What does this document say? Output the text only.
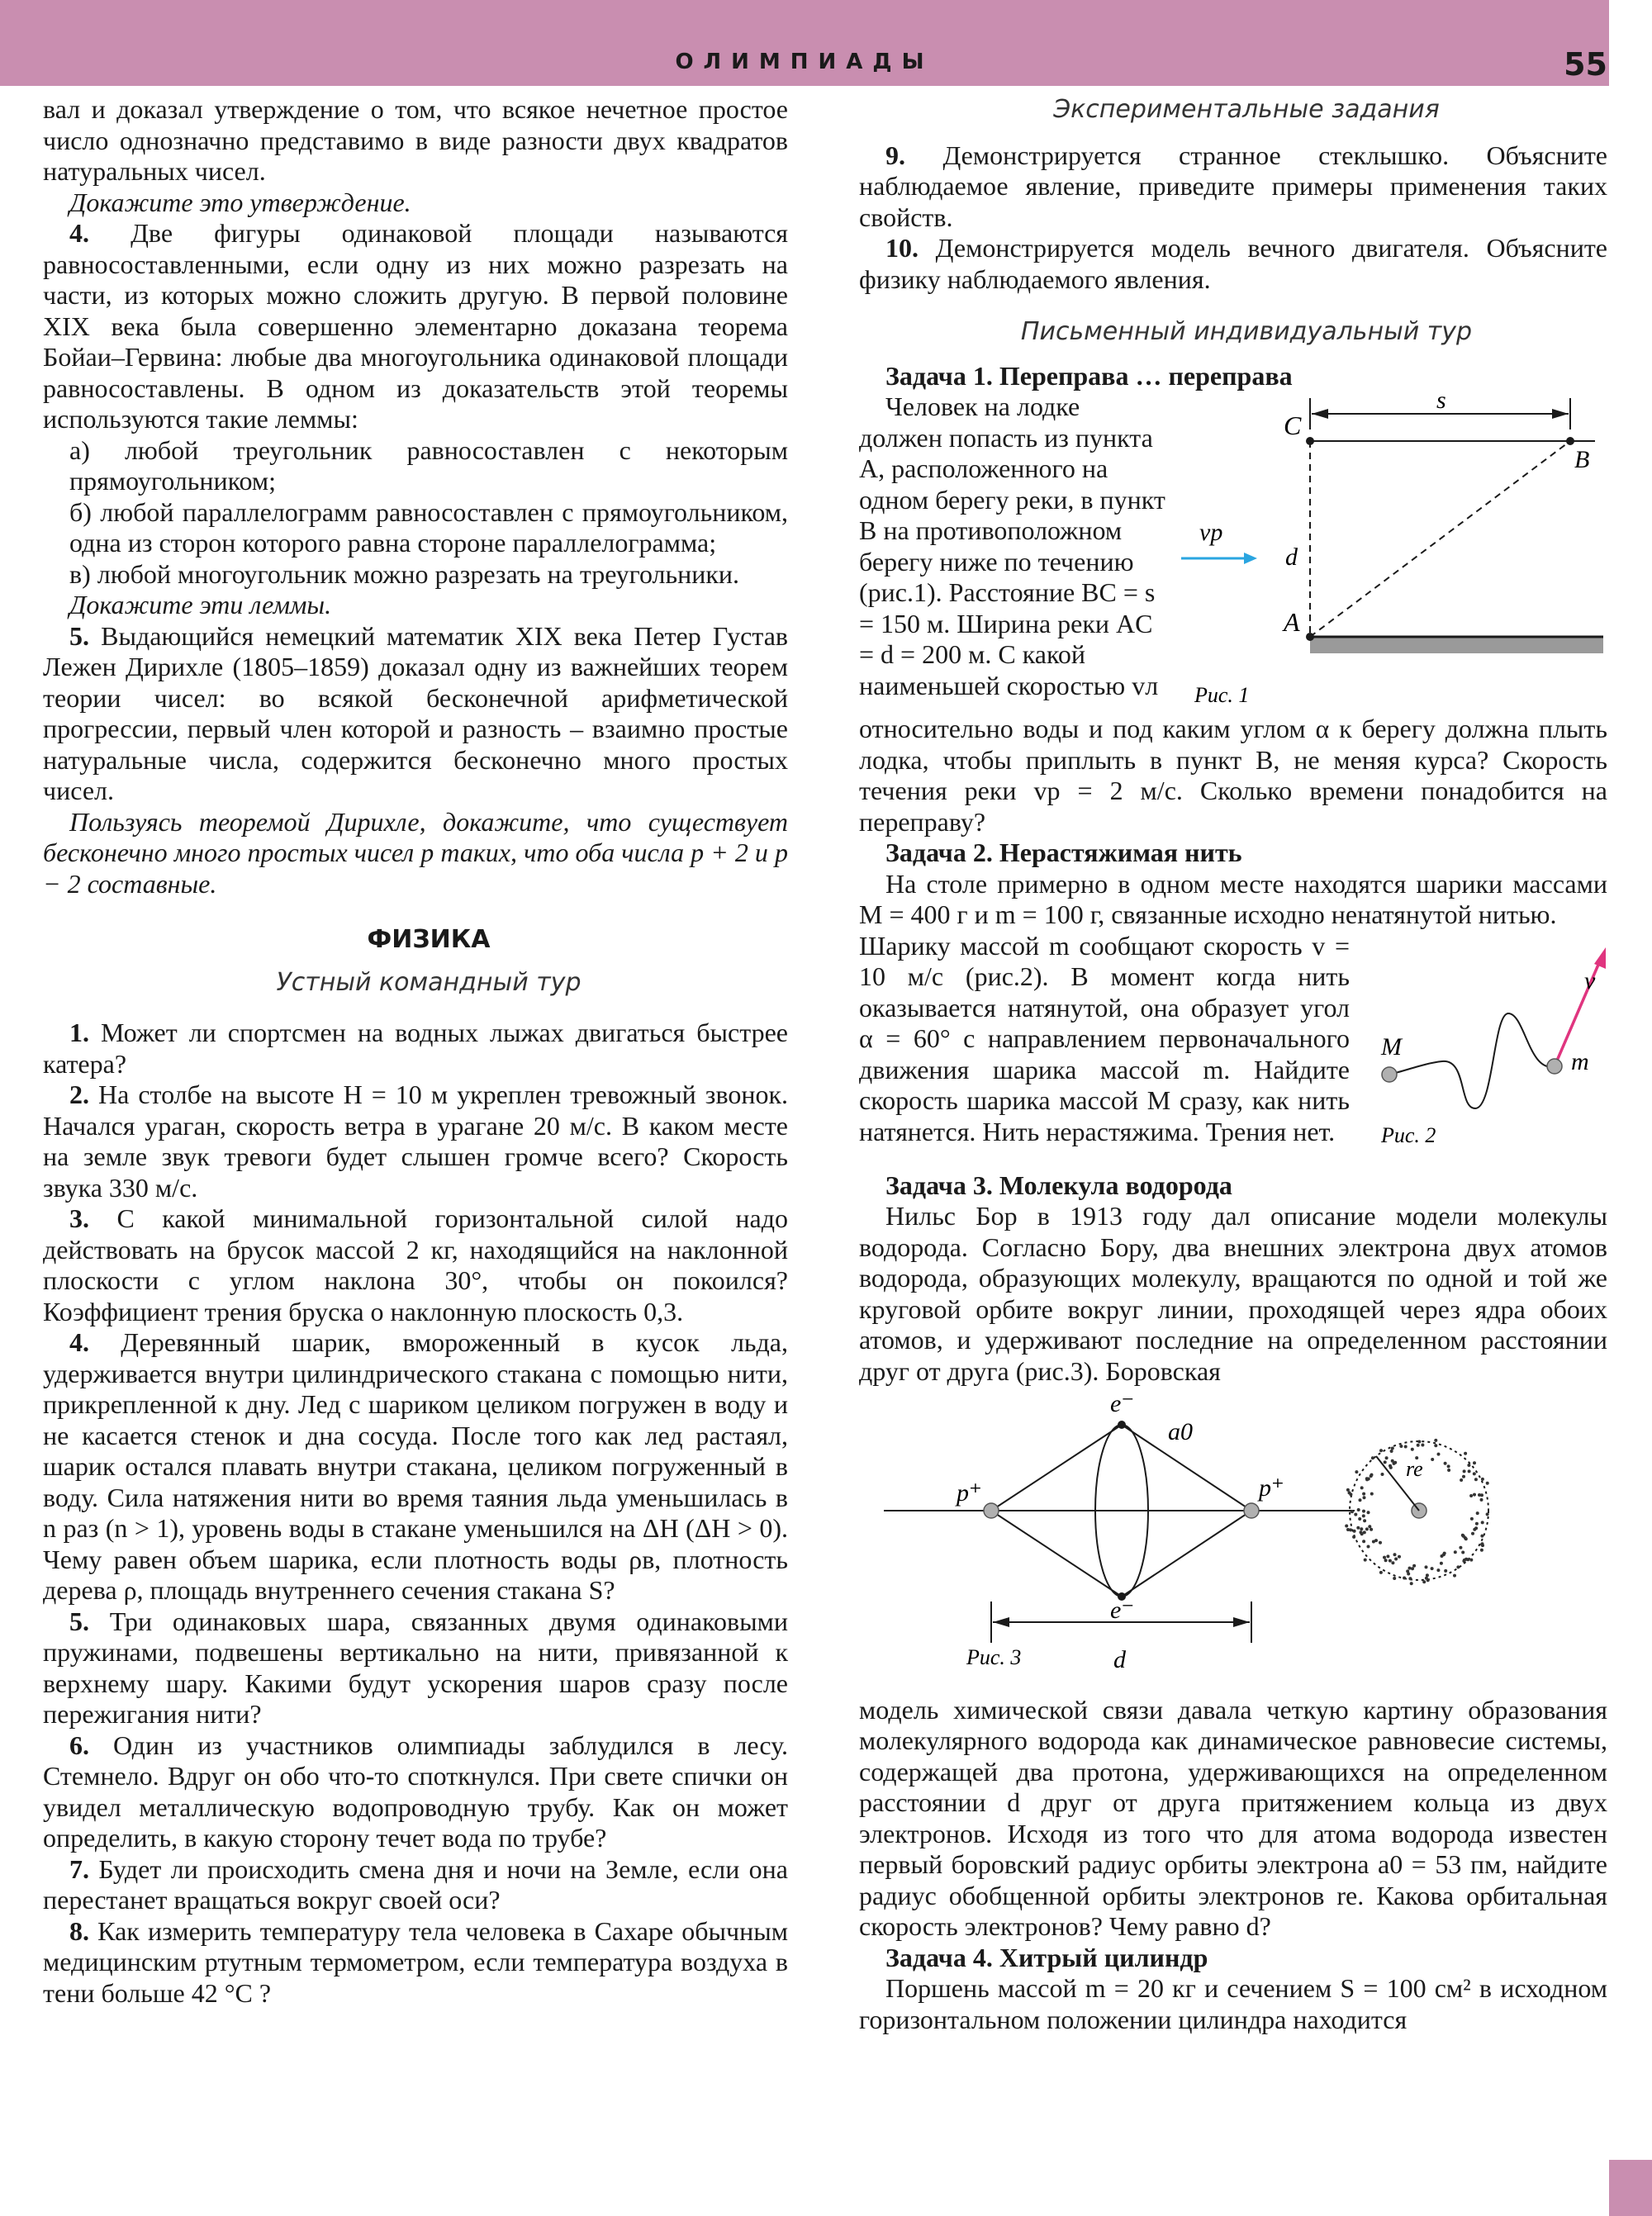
ОЛИМПИАДЫ	55

вал и доказал утверждение о том, что всякое нечетное простое число однозначно представимо в виде разности двух квадратов натуральных чисел.

Докажите это утверждение.

4. Две фигуры одинаковой площади называются равносоставленными, если одну из них можно разрезать на части, из которых можно сложить другую. В первой половине XIX века была совершенно элементарно доказана теорема Бойаи–Гервина: любые два многоугольника одинаковой площади равносоставлены. В одном из доказательств этой теоремы используются такие леммы:

а) любой треугольник равносоставлен с некоторым прямоугольником;

б) любой параллелограмм равносоставлен с прямоугольником, одна из сторон которого равна стороне параллелограмма;

в) любой многоугольник можно разрезать на треугольники.

Докажите эти леммы.

5. Выдающийся немецкий математик XIX века Петер Густав Лежен Дирихле (1805–1859) доказал одну из важнейших теорем теории чисел: во всякой бесконечной арифметической прогрессии, первый член которой и разность – взаимно простые натуральные числа, содержится бесконечно много простых чисел.

Пользуясь теоремой Дирихле, докажите, что существует бесконечно много простых чисел p таких, что оба числа p + 2 и p − 2 составные.

ФИЗИКА

Устный командный тур

1. Может ли спортсмен на водных лыжах двигаться быстрее катера?

2. На столбе на высоте H = 10 м укреплен тревожный звонок. Начался ураган, скорость ветра в урагане 20 м/с. В каком месте на земле звук тревоги будет слышен громче всего? Скорость звука 330 м/с.

3. С какой минимальной горизонтальной силой надо действовать на брусок массой 2 кг, находящийся на наклонной плоскости с углом наклона 30°, чтобы он покоился? Коэффициент трения бруска о наклонную плоскость 0,3.

4. Деревянный шарик, вмороженный в кусок льда, удерживается внутри цилиндрического стакана с помощью нити, прикрепленной к дну. Лед с шариком целиком погружен в воду и не касается стенок и дна сосуда. После того как лед растаял, шарик остался плавать внутри стакана, целиком погруженный в воду. Сила натяжения нити во время таяния льда уменьшилась в n раз (n > 1), уровень воды в стакане уменьшился на ΔH (ΔH > 0). Чему равен объем шарика, если плотность воды ρв, плотность дерева ρ, площадь внутреннего сечения стакана S?

5. Три одинаковых шара, связанных двумя одинаковыми пружинами, подвешены вертикально на нити, привязанной к верхнему шару. Какими будут ускорения шаров сразу после пережигания нити?

6. Один из участников олимпиады заблудился в лесу. Стемнело. Вдруг он обо что-то споткнулся. При свете спички он увидел металлическую водопроводную трубу. Как он может определить, в какую сторону течет вода по трубе?

7. Будет ли происходить смена дня и ночи на Земле, если она перестанет вращаться вокруг своей оси?

8. Как измерить температуру тела человека в Сахаре обычным медицинским ртутным термометром, если температура воздуха в тени больше 42 °С ?

Экспериментальные задания

9. Демонстрируется странное стеклышко. Объясните наблюдаемое явление, приведите примеры применения таких свойств.

10. Демонстрируется модель вечного двигателя. Объясните физику наблюдаемого явления.

Письменный индивидуальный тур

Задача 1. Переправа … переправа

C
s
B
vр
d
A
Рис. 1

Человек на лодке должен попасть из пункта A, расположенного на одном берегу реки, в пункт B на противоположном берегу ниже по течению (рис.1). Расстояние BC = s = 150 м. Ширина реки AC = d = 200 м. С какой наименьшей скоростью vл

относительно воды и под каким углом α к берегу должна плыть лодка, чтобы приплыть в пункт B, не меняя курса? Скорость течения реки vр = 2 м/с. Сколько времени понадобится на переправу?

Задача 2. Нерастяжимая нить

На столе примерно в одном месте находятся шарики массами M = 400 г и m = 100 г, связанные исходно ненатянутой нитью.

v
M
m
Рис. 2

Шарику массой m сообщают скорость v = 10 м/с (рис.2). В момент когда нить оказывается натянутой, она образует угол α = 60° с направлением первоначального движения шарика массой m. Найдите скорость шарика массой M сразу, как нить натянется. Нить нерастяжима. Трения нет.

Задача 3. Молекула водорода

Нильс Бор в 1913 году дал описание модели молекулы водорода. Согласно Бору, два внешних электрона двух атомов водорода, образующих молекулу, вращаются по одной и той же круговой орбите вокруг линии, проходящей через ядра обоих атомов, и удерживают последние на определенном расстоянии друг от друга (рис.3). Боровская

e⁻
a0
p⁺	p⁺
re
e⁻
d
Рис. 3

модель химической связи давала четкую картину образования молекулярного водорода как динамическое равновесие системы, содержащей два протона, удерживающихся на определенном расстоянии d друг от друга притяжением кольца из двух электронов. Исходя из того что для атома водорода известен первый боровский радиус орбиты электрона a0 = 53 пм, найдите радиус обобщенной орбиты электронов re. Какова орбитальная скорость электронов? Чему равно d?

Задача 4. Хитрый цилиндр

Поршень массой m = 20 кг и сечением S = 100 см² в исходном горизонтальном положении цилиндра находится
